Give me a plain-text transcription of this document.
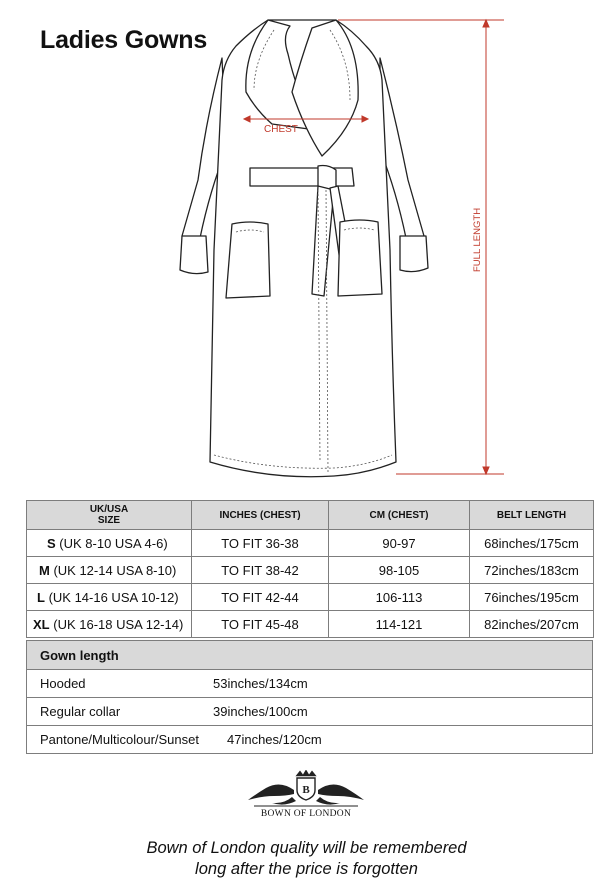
Ladies Gowns
CHEST
FULL LENGTH
UK/USA SIZE	INCHES (CHEST)	CM (CHEST)	BELT LENGTH
S (UK 8-10 USA 4-6)	TO FIT 36-38	90-97	68inches/175cm
M (UK 12-14 USA 8-10)	TO FIT 38-42	98-105	72inches/183cm
L (UK 14-16 USA 10-12)	TO FIT 42-44	106-113	76inches/195cm
XL (UK 16-18 USA 12-14)	TO FIT 45-48	114-121	82inches/207cm
Gown length
Hooded	53inches/134cm
Regular collar	39inches/100cm
Pantone/Multicolour/Sunset 47inches/120cm
B
BOWN OF LONDON
Bown of London quality will be remembered
long after the price is forgotten
